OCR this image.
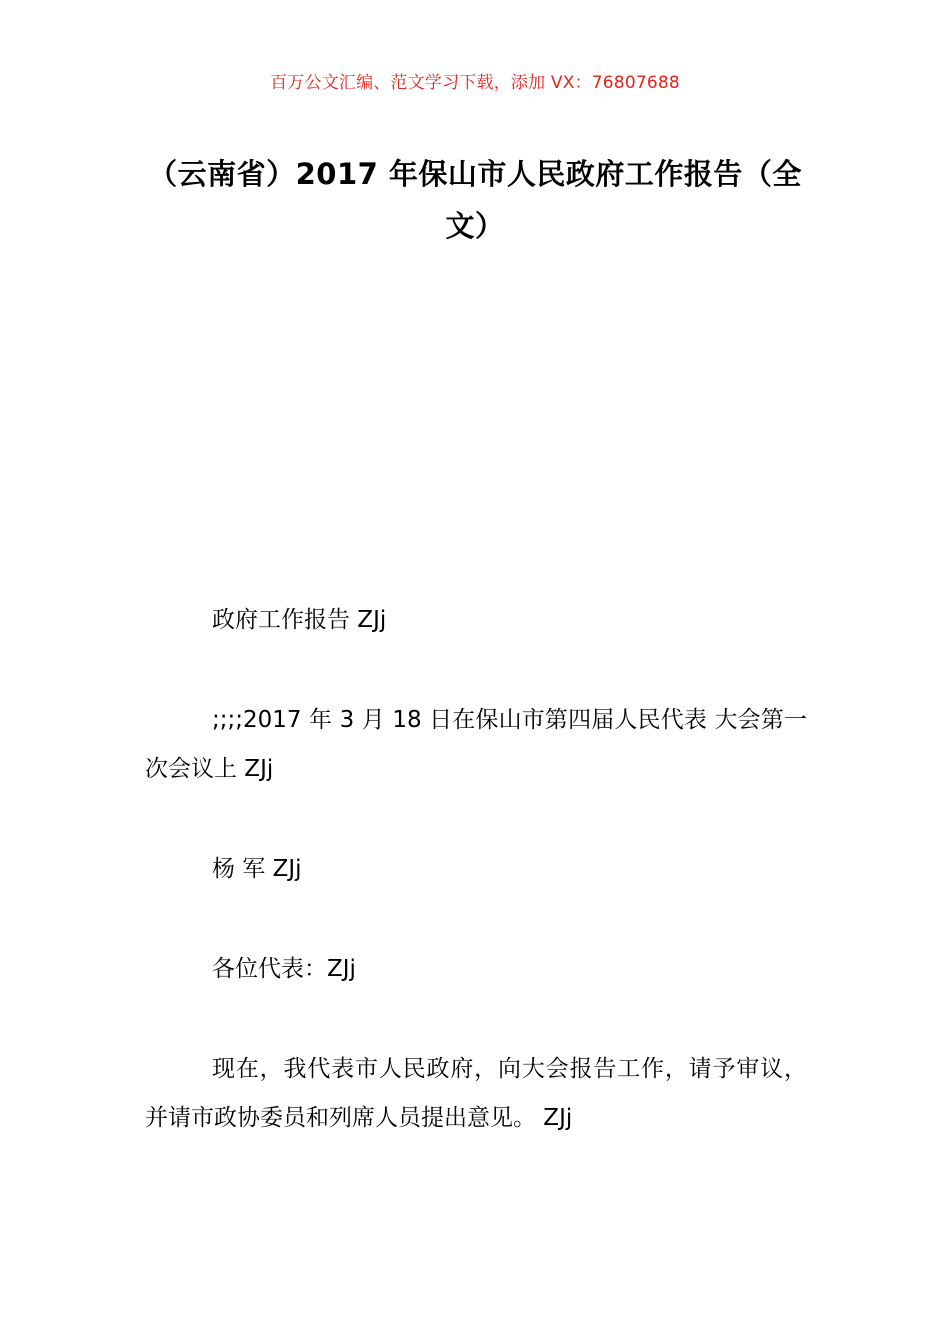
百万公文汇编、范文学习下载，添加 VX：76807688
（云南省）2017 年保山市人民政府工作报告（全文）

政府工作报告 ZJj

;;;;2017 年 3 月 18 日在保山市第四届人民代表 大会第一次会议上 ZJj

杨 军 ZJj

各位代表：ZJj

现在，我代表市人民政府，向大会报告工作，请予审议，并请市政协委员和列席人员提出意见。 ZJj
